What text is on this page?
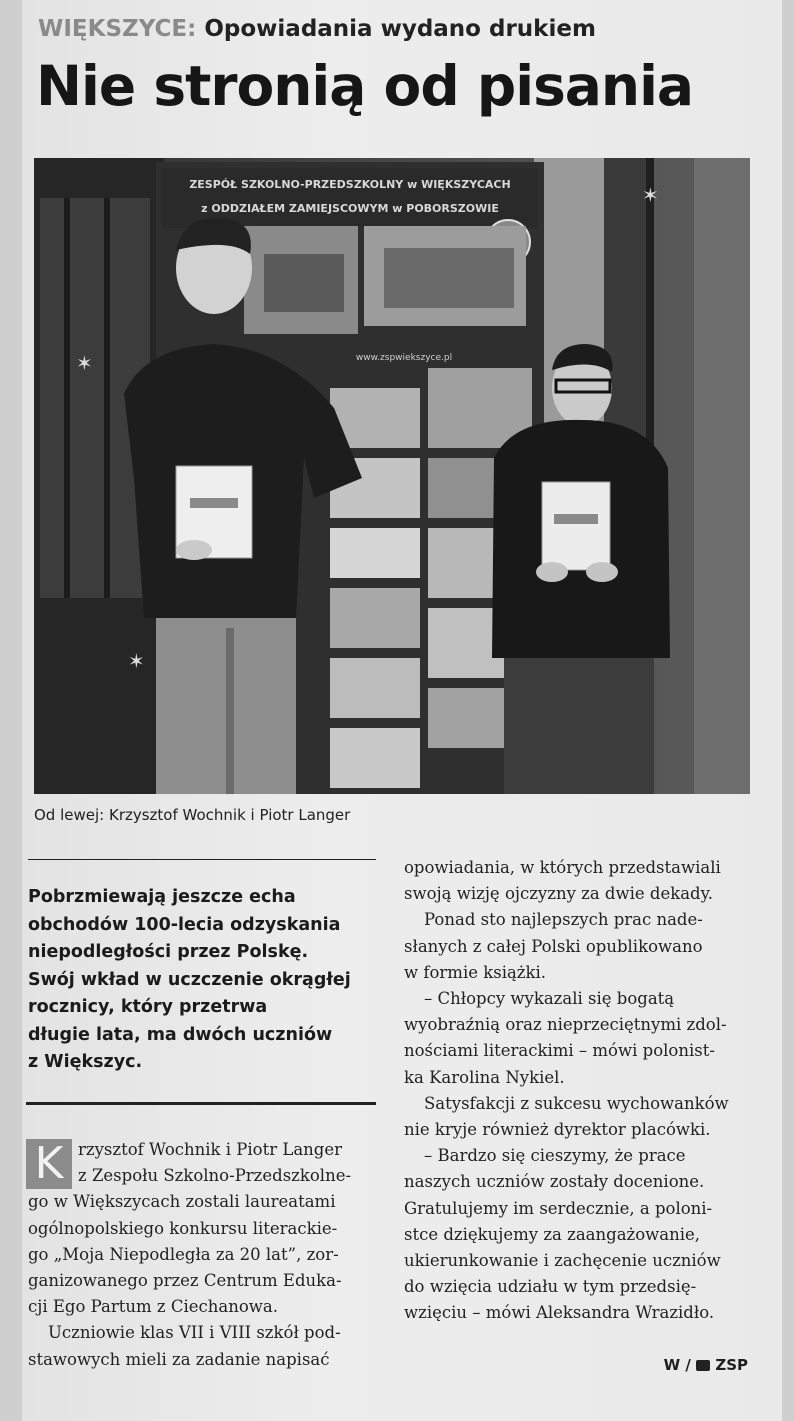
WIĘKSZYCE: Opowiadania wydano drukiem
Nie stronią od pisania
ZESPÓŁ SZKOLNO-PRZEDSZKOLNY w WIĘKSZYCACH
z ODDZIAŁEM ZAMIEJSCOWYM w POBORSZOWIE
www.zspwiekszyce.pl
✶
✶
✶
Od lewej: Krzysztof Wochnik i Piotr Langer
Pobrzmiewają jeszcze echa
obchodów 100-lecia odzyskania
niepodległości przez Polskę.
Swój wkład w uczczenie okrągłej
rocznicy, który przetrwa
długie lata, ma dwóch uczniów
z Większyc.
K rzysztof Wochnik i Piotr Langer
z Zespołu Szkolno-Przedszkolne-
go w Większycach zostali laureatami
ogólnopolskiego konkursu literackie-
go „Moja Niepodległa za 20 lat”, zor-
ganizowanego przez Centrum Eduka-
cji Ego Partum z Ciechanowa.
Uczniowie klas VII i VIII szkół pod-
stawowych mieli za zadanie napisać
opowiadania, w których przedstawiali
swoją wizję ojczyzny za dwie dekady.
Ponad sto najlepszych prac nade-
słanych z całej Polski opublikowano
w formie książki.
– Chłopcy wykazali się bogatą
wyobraźnią oraz nieprzeciętnymi zdol-
nościami literackimi – mówi polonist-
ka Karolina Nykiel.
Satysfakcji z sukcesu wychowanków
nie kryje również dyrektor placówki.
– Bardzo się cieszymy, że prace
naszych uczniów zostały docenione.
Gratulujemy im serdecznie, a poloni-
stce dziękujemy za zaangażowanie,
ukierunkowanie i zachęcenie uczniów
do wzięcia udziału w tym przedsię-
wzięciu – mówi Aleksandra Wrazidło.
W / ZSP
